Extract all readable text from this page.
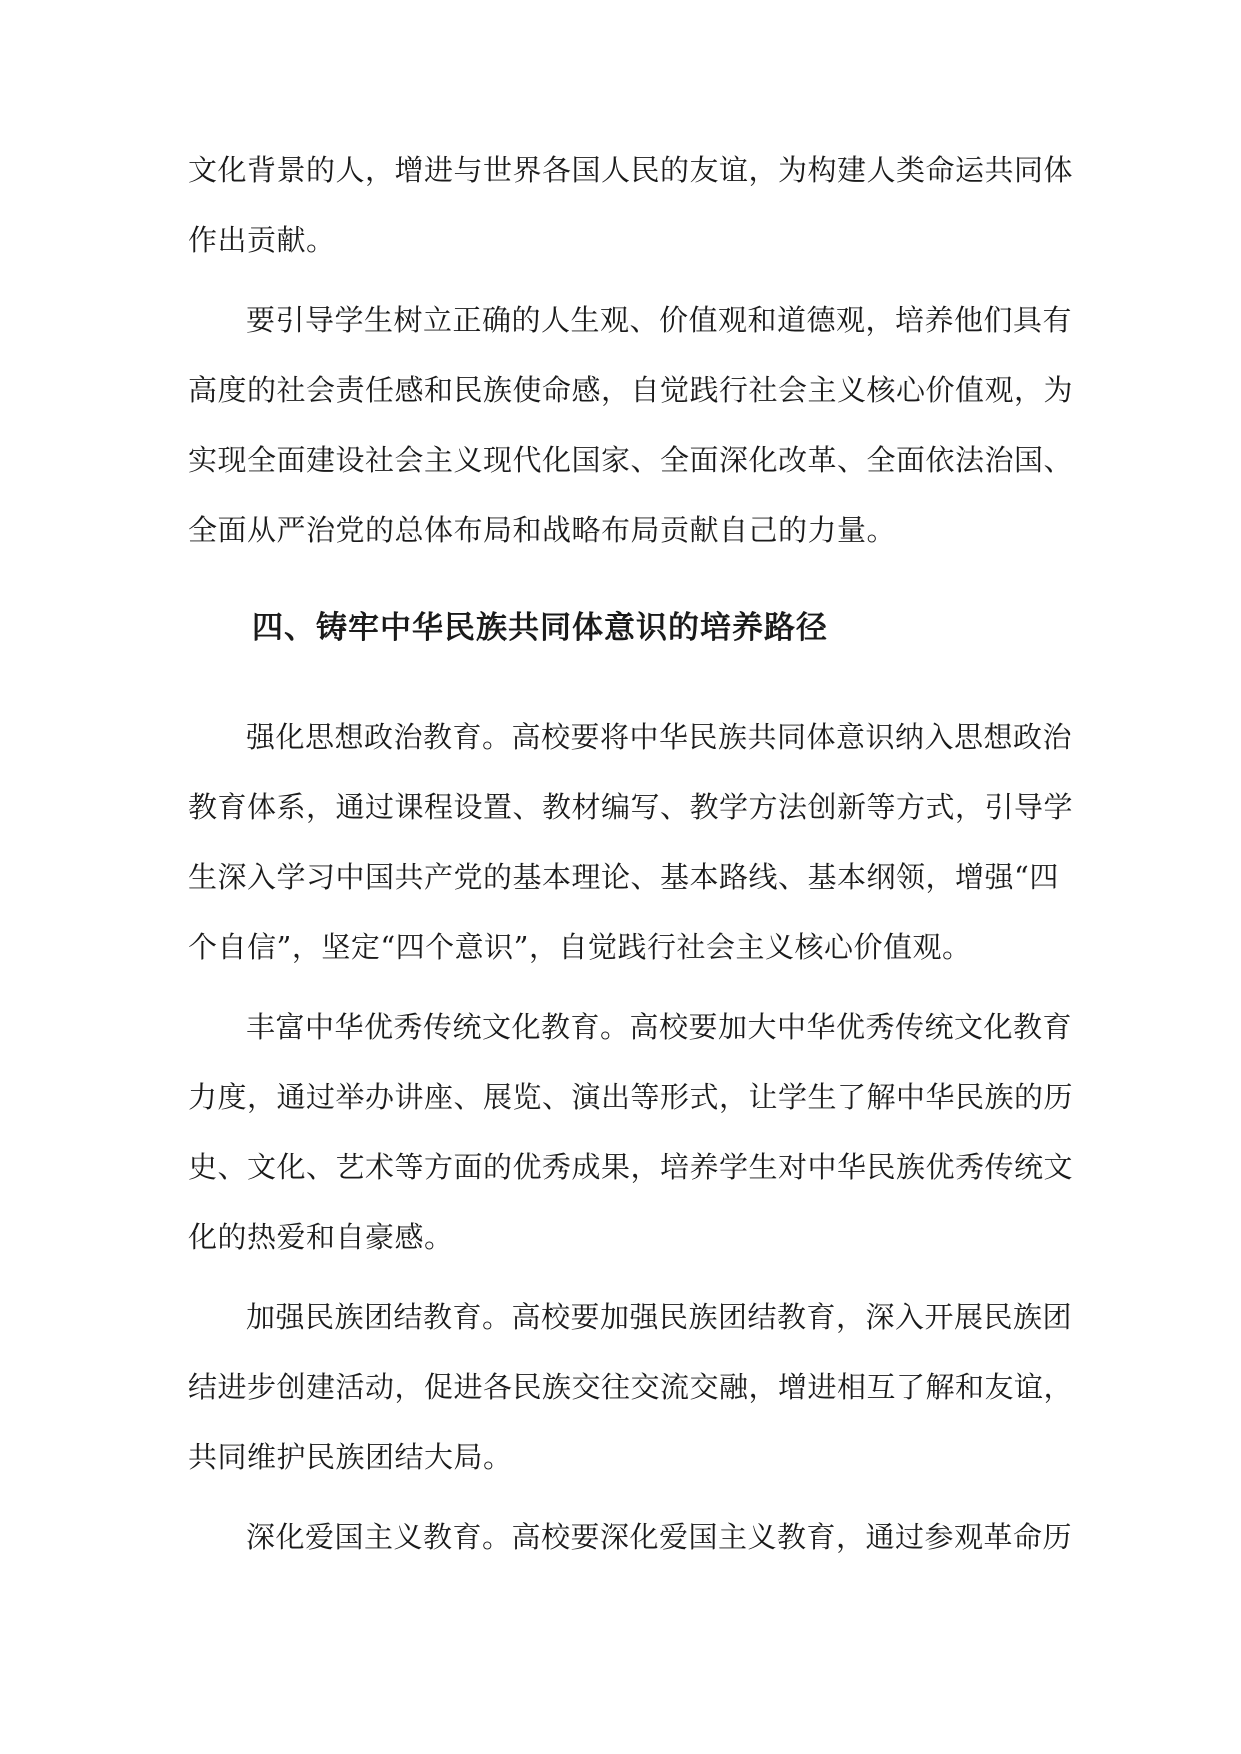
文化背景的人，增进与世界各国人民的友谊，为构建人类命运共同体
作出贡献。
要引导学生树立正确的人生观、价值观和道德观，培养他们具有
高度的社会责任感和民族使命感，自觉践行社会主义核心价值观，为
实现全面建设社会主义现代化国家、全面深化改革、全面依法治国、
全面从严治党的总体布局和战略布局贡献自己的力量。
四、铸牢中华民族共同体意识的培养路径
强化思想政治教育。高校要将中华民族共同体意识纳入思想政治
教育体系，通过课程设置、教材编写、教学方法创新等方式，引导学
生深入学习中国共产党的基本理论、基本路线、基本纲领，增强“四
个自信”，坚定“四个意识”，自觉践行社会主义核心价值观。
丰富中华优秀传统文化教育。高校要加大中华优秀传统文化教育
力度，通过举办讲座、展览、演出等形式，让学生了解中华民族的历
史、文化、艺术等方面的优秀成果，培养学生对中华民族优秀传统文
化的热爱和自豪感。
加强民族团结教育。高校要加强民族团结教育，深入开展民族团
结进步创建活动，促进各民族交往交流交融，增进相互了解和友谊，
共同维护民族团结大局。
深化爱国主义教育。高校要深化爱国主义教育，通过参观革命历
